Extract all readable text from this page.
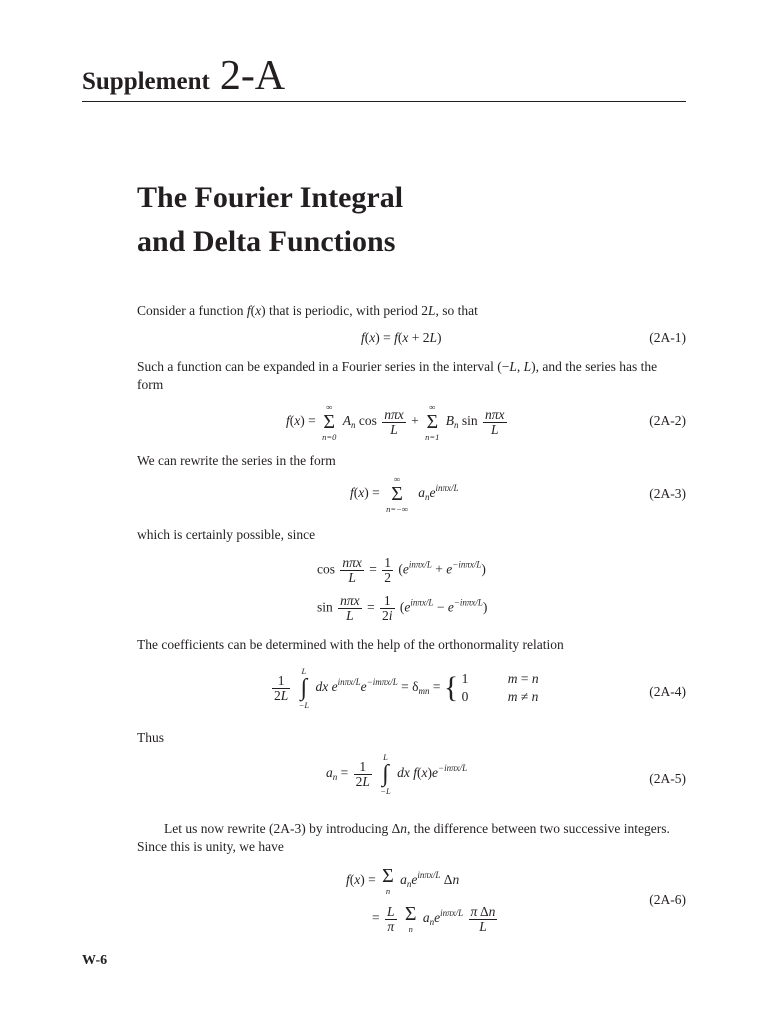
Supplement 2-A
The Fourier Integral
and Delta Functions
Consider a function f(x) that is periodic, with period 2L, so that
f(x) = f(x + 2L)	(2A-1)
Such a function can be expanded in a Fourier series in the interval (−L, L), and the series has the form
f(x) =
∞
Σ
n=0
$A_n$ $\cos \frac{\text{nπx}}{L}$ +
∞
Σ
n=1
$B_n$ $\sin \frac{\text{nπx}}{L}$	(2A-2)
We can rewrite the series in the form
f(x) =
∞
Σ
n=−∞
$a_ne^{in\pi x/L}$	(2A-3)
which is certainly possible, since
$\cos \frac{\text{nπx}}{L} = \frac{1}{2} (e^{in\pi x/L} + e^{-in\pi x/L})$
$\sin \frac{\text{nπx}}{L} = \frac{1}{2i} (e^{in\pi x/L} - e^{-in\pi x/L})$
The coefficients can be determined with the help of the orthonormality relation
$\frac{1}{2L}$

L
∫
−L
dx $e^{in\pi x/L}e^{-im\pi x/L} = \delta_{mn}$ = { 1	m = n
0	m ≠ n	(2A-4)
Thus
$a_n = \frac{1}{2L}$

L
∫
−L
dx $f(x)e^{-in\pi x/L}$
(2A-5)
Let us now rewrite (2A-3) by introducing Δn, the difference between two successive integers. Since this is unity, we have
f(x) = Σ
n
$a_ne^{in\pi x/L}$ Δn
= $\frac{L}{\pi}$
Σ
n
$a_ne^{in\pi x/L} \frac{\text{π Δn}}{L}$
(2A-6)
W-6
